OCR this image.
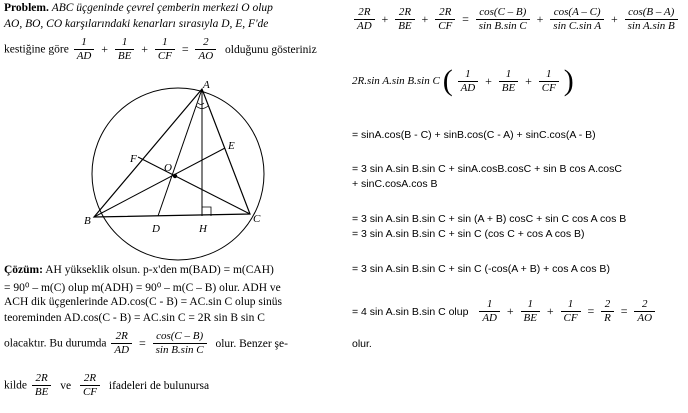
Problem. ABC üçgeninde çevrel çemberin merkezi O olup
AO, BO, CO karşılarındaki kenarları sırasıyla D, E, F'de
kestiğine göre $\frac{1}{AD} + \frac{1}{BE} + \frac{1}{CF} = \frac{2}{AO}$ olduğunu gösteriniz
A
B	C
D
E
F
H
O
Çözüm: AH yükseklik olsun. p-x'den m(BAD) = m(CAH)
= 90⁰ – m(C) olup m(ADH) = 90⁰ – m(C – B) olur. ADH ve
ACH dik üçgenlerinde AD.cos(C - B) = AC.sin C olup sinüs
teoreminden AD.cos(C - B) = AC.sin C = 2R sin B sin C
olacaktır. Bu durumda $\frac{2R}{AD} = \frac{\cos(C - B)}{\text{sin B.sin C}}$ olur. Benzer şe-
kilde $\frac{2R}{BE}$ ve $\frac{2R}{CF}$ ifadeleri de bulunursa
$\frac{2R}{AD} + \frac{2R}{BE} + \frac{2R}{CF} = \frac{\cos(C - B)}{\text{sin B.sin C}} + \frac{\cos(A - C)}{\text{sin C.sin A}} + \frac{\cos(B - A)}{\text{sin A.sin B}}$
2R.sin A.sin B.sin C ( $\frac{1}{AD} + \frac{1}{BE} + \frac{1}{CF}$ )
= sinA.cos(B - C) + sinB.cos(C - A) + sinC.cos(A - B)
= 3 sin A.sin B.sin C + sinA.cosB.cosC + sin B cos A.cosC
+ sinC.cosA.cos B
= 3 sin A.sin B.sin C + sin (A + B) cosC + sin C cos A cos B
= 3 sin A.sin B.sin C + sin C (cos C + cos A cos B)
= 3 sin A.sin B.sin C + sin C (-cos(A + B) + cos A cos B)
= 4 sin A.sin B.sin C olup $\frac{1}{AD} + \frac{1}{BE} + \frac{1}{CF} = \frac{2}{R} = \frac{2}{AO}$
olur.
